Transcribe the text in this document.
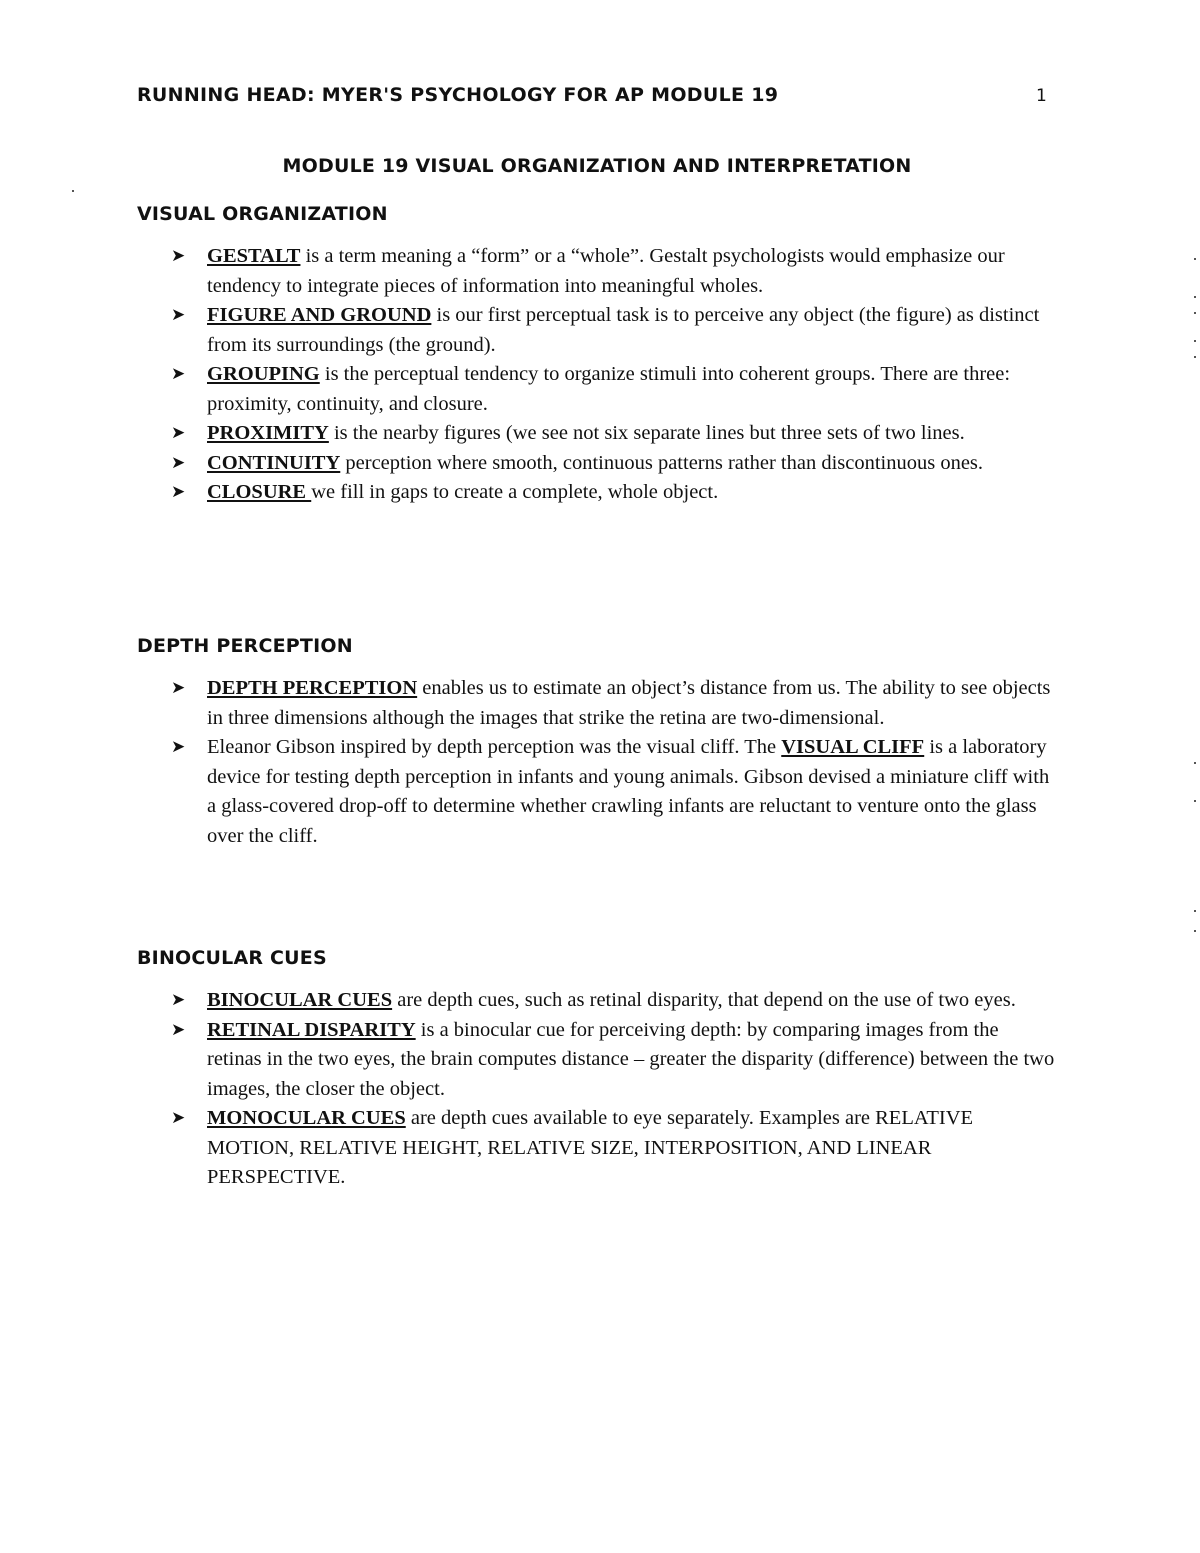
RUNNING HEAD: MYER'S PSYCHOLOGY FOR AP MODULE 19	1
MODULE 19 VISUAL ORGANIZATION AND INTERPRETATION
VISUAL ORGANIZATION
➤ GESTALT is a term meaning a “form” or a “whole”. Gestalt psychologists would emphasize our tendency to integrate pieces of information into meaningful wholes.
➤ FIGURE AND GROUND is our first perceptual task is to perceive any object (the figure) as distinct from its surroundings (the ground).
➤ GROUPING is the perceptual tendency to organize stimuli into coherent groups. There are three: proximity, continuity, and closure.
➤ PROXIMITY is the nearby figures (we see not six separate lines but three sets of two lines.
➤ CONTINUITY perception where smooth, continuous patterns rather than discontinuous ones.
➤ CLOSURE we fill in gaps to create a complete, whole object.
DEPTH PERCEPTION
➤ DEPTH PERCEPTION enables us to estimate an object’s distance from us. The ability to see objects in three dimensions although the images that strike the retina are two-dimensional.
➤ Eleanor Gibson inspired by depth perception was the visual cliff. The VISUAL CLIFF is a laboratory device for testing depth perception in infants and young animals. Gibson devised a miniature cliff with a glass-covered drop-off to determine whether crawling infants are reluctant to venture onto the glass over the cliff.
BINOCULAR CUES
➤ BINOCULAR CUES are depth cues, such as retinal disparity, that depend on the use of two eyes.
➤ RETINAL DISPARITY is a binocular cue for perceiving depth: by comparing images from the retinas in the two eyes, the brain computes distance – greater the disparity (difference) between the two images, the closer the object.
➤ MONOCULAR CUES are depth cues available to eye separately. Examples are RELATIVE MOTION, RELATIVE HEIGHT, RELATIVE SIZE, INTERPOSITION, AND LINEAR PERSPECTIVE.
